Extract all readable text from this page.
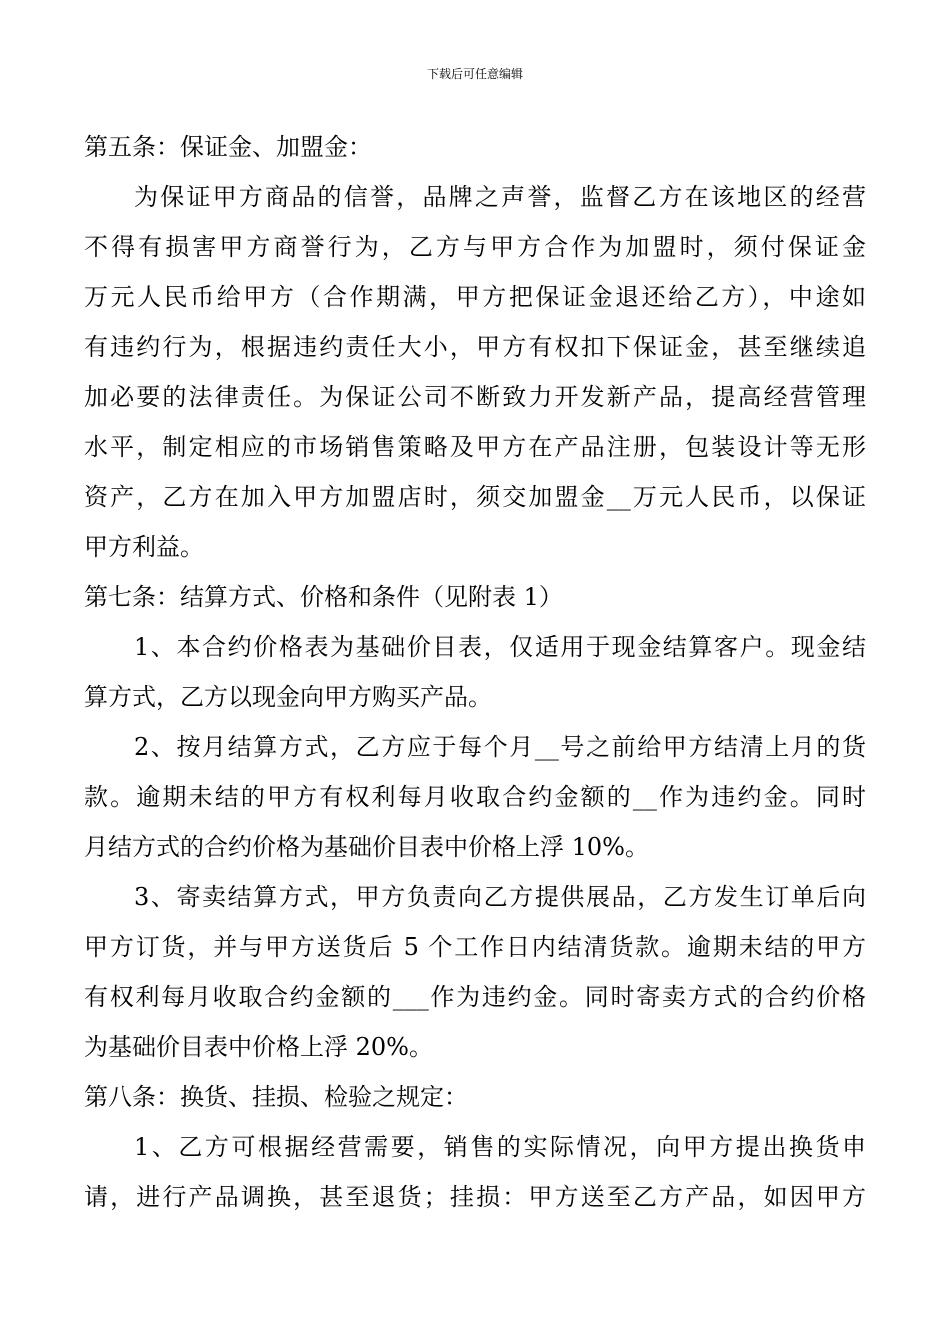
下载后可任意编辑
第五条：保证金、加盟金：
为保证甲方商品的信誉，品牌之声誉，监督乙方在该地区的经营
不得有损害甲方商誉行为，乙方与甲方合作为加盟时，须付保证金
万元人民币给甲方（合作期满，甲方把保证金退还给乙方），中途如
有违约行为，根据违约责任大小，甲方有权扣下保证金，甚至继续追
加必要的法律责任。为保证公司不断致力开发新产品，提高经营管理
水平，制定相应的市场销售策略及甲方在产品注册，包装设计等无形
资产，乙方在加入甲方加盟店时，须交加盟金__万元人民币，以保证
甲方利益。
第七条：结算方式、价格和条件（见附表 1）
1、本合约价格表为基础价目表，仅适用于现金结算客户。现金结
算方式，乙方以现金向甲方购买产品。
2、按月结算方式，乙方应于每个月__号之前给甲方结清上月的货
款。逾期未结的甲方有权利每月收取合约金额的__作为违约金。同时
月结方式的合约价格为基础价目表中价格上浮 10%。
3、寄卖结算方式，甲方负责向乙方提供展品，乙方发生订单后向
甲方订货，并与甲方送货后 5 个工作日内结清货款。逾期未结的甲方
有权利每月收取合约金额的___作为违约金。同时寄卖方式的合约价格
为基础价目表中价格上浮 20%。
第八条：换货、挂损、检验之规定：
1、乙方可根据经营需要，销售的实际情况，向甲方提出换货申
请，进行产品调换，甚至退货；挂损：甲方送至乙方产品，如因甲方
